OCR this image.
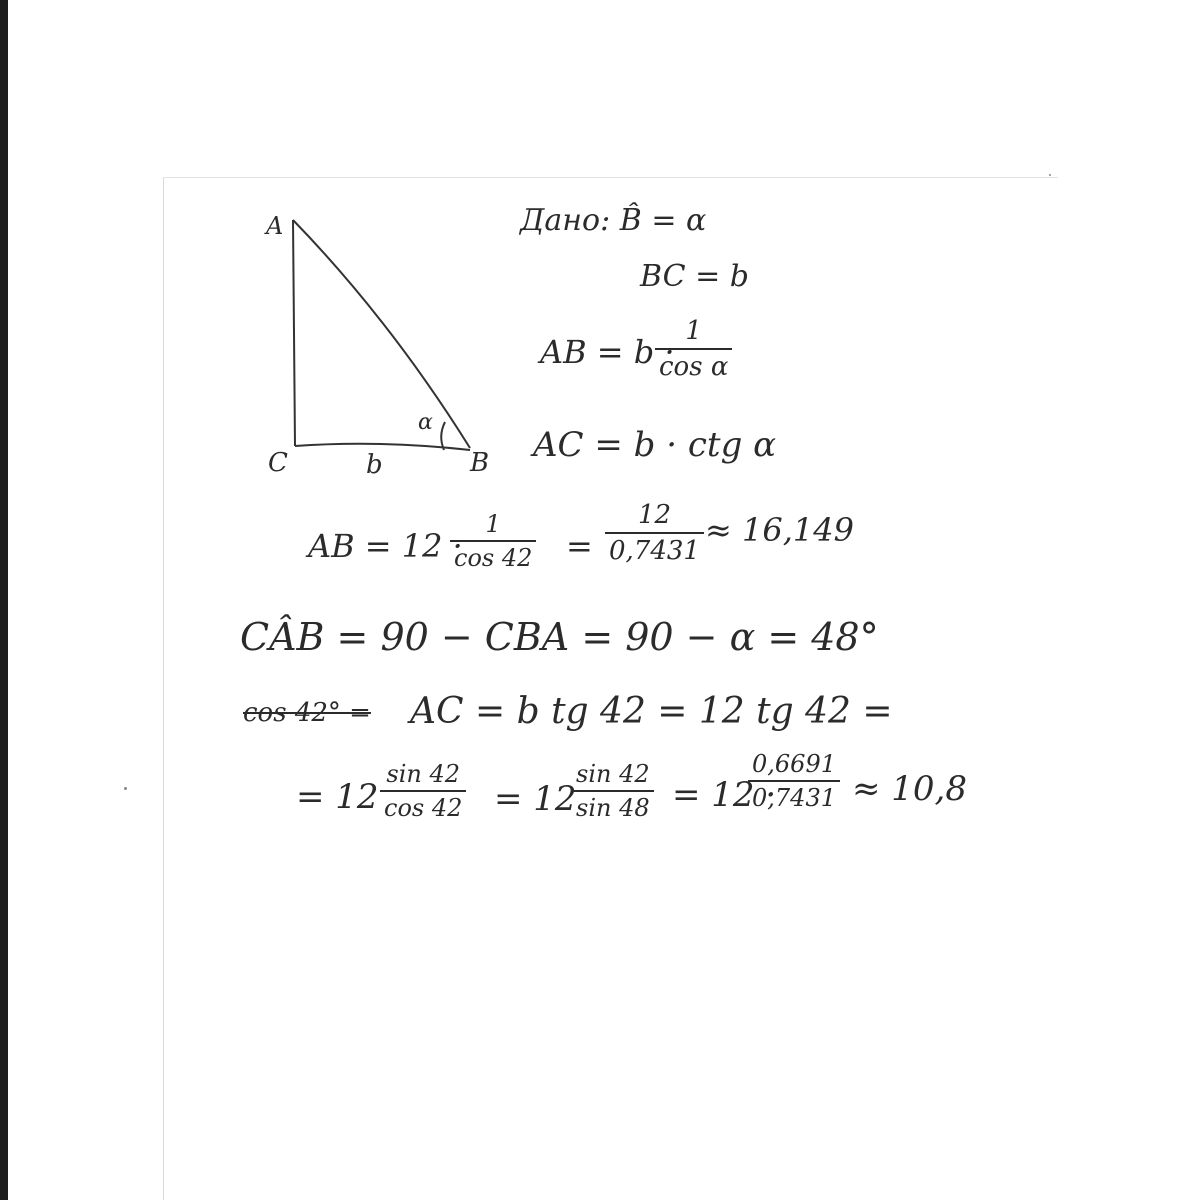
A
C	B
b
α
Дано: B̂ = α
BC = b
AB = b ·
1
cos α
AC = b · ctg α
AB = 12 ·
1
cos 42 =
12
0,7431
≈ 16,149
CÂB = 90 − CBA = 90 − α = 48°
cos 42° = AC = b tg 42 = 12 tg 42 =
= 12
sin 42
cos 42 = 12
sin 42
sin 48 = 12 ·
0,6691
0,7431 ≈ 10,8
